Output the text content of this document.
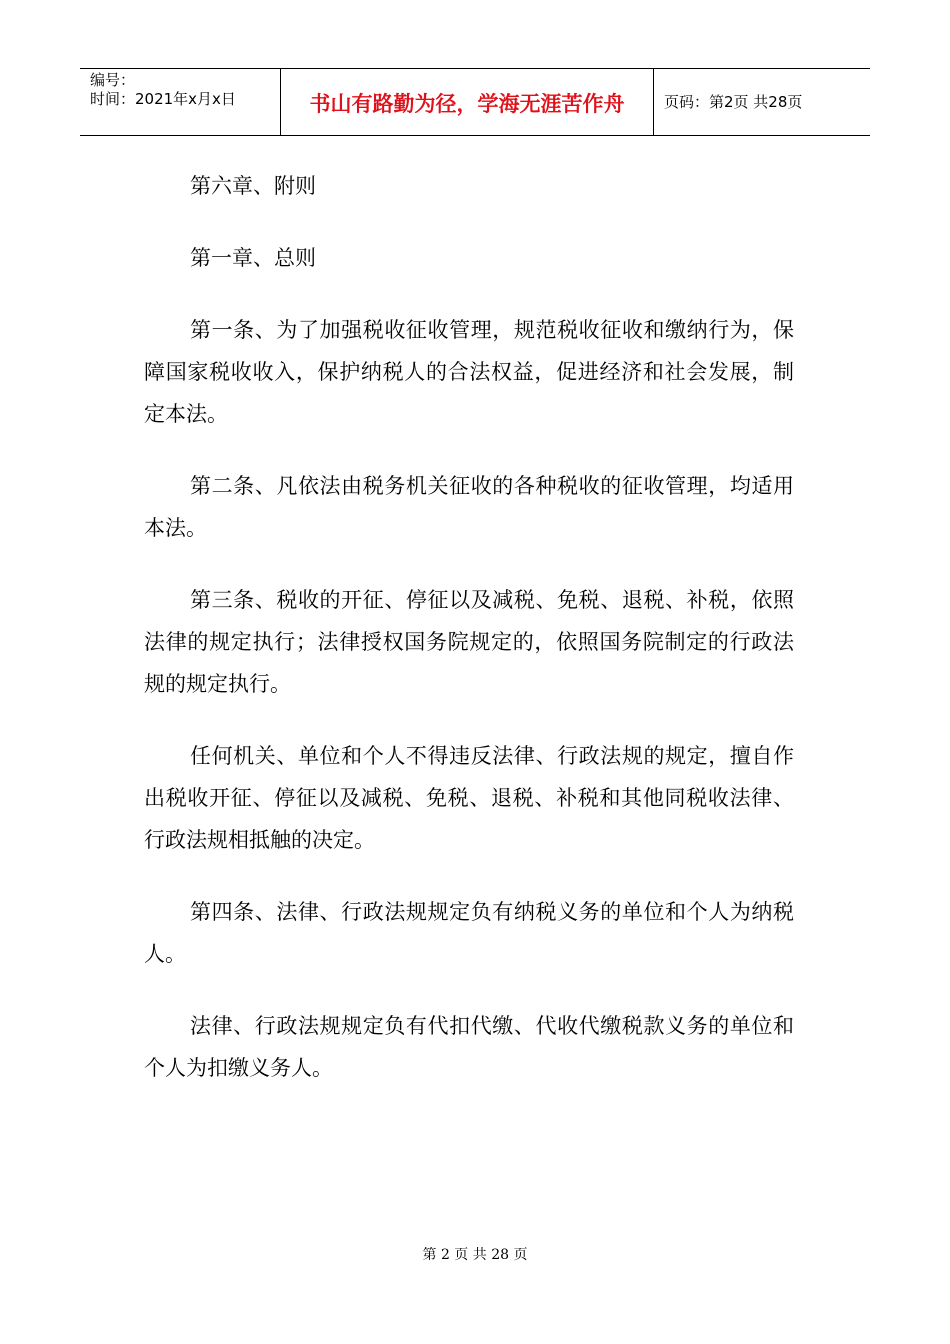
编号：
时间：2021年x月x日	书山有路勤为径，学海无涯苦作舟	页码：第2页 共28页

第六章、附则

第一章、总则

第一条、为了加强税收征收管理，规范税收征收和缴纳行为，保障国家税收收入，保护纳税人的合法权益，促进经济和社会发展，制定本法。

第二条、凡依法由税务机关征收的各种税收的征收管理，均适用本法。

第三条、税收的开征、停征以及减税、免税、退税、补税，依照法律的规定执行；法律授权国务院规定的，依照国务院制定的行政法规的规定执行。

任何机关、单位和个人不得违反法律、行政法规的规定，擅自作出税收开征、停征以及减税、免税、退税、补税和其他同税收法律、行政法规相抵触的决定。

第四条、法律、行政法规规定负有纳税义务的单位和个人为纳税人。

法律、行政法规规定负有代扣代缴、代收代缴税款义务的单位和个人为扣缴义务人。

第 2 页 共 28 页
